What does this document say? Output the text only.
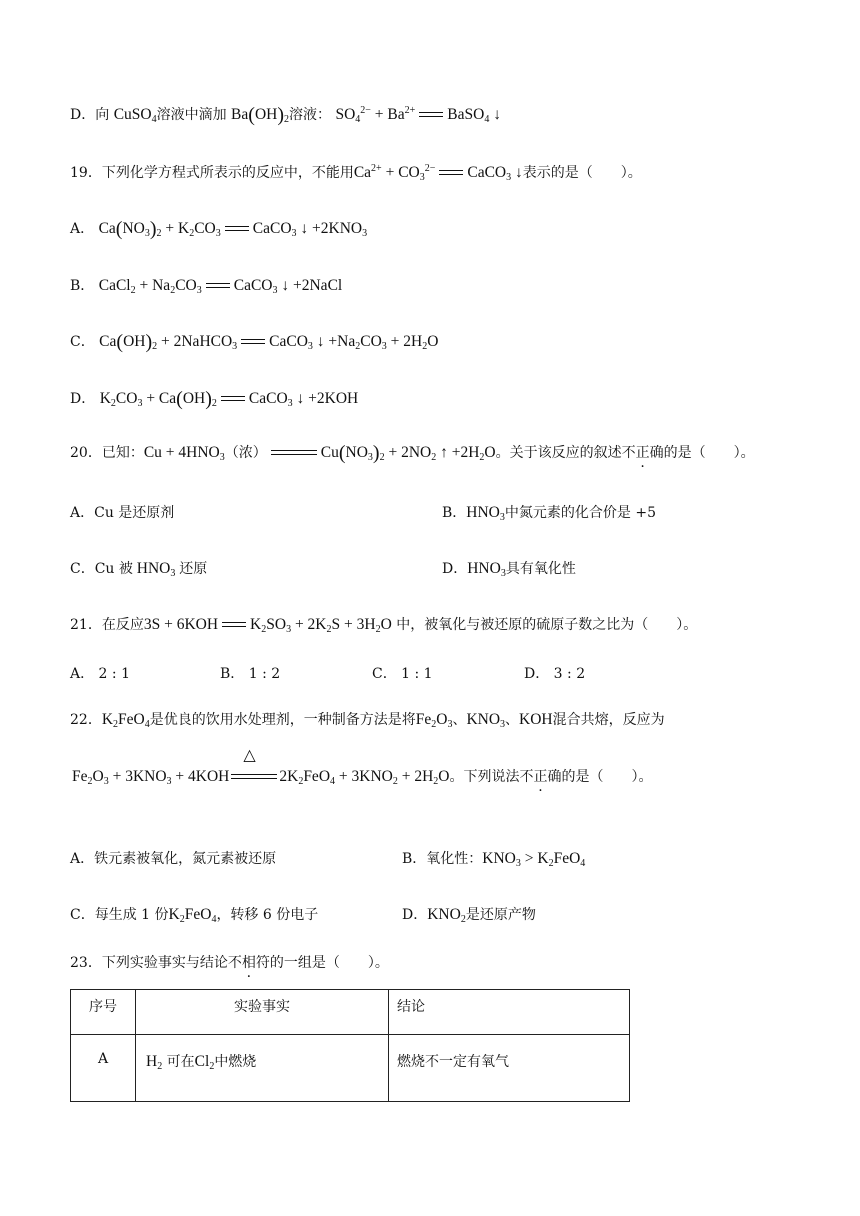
D．向 CuSO$_4$溶液中滴加 $Ba(OH)_2$溶液： $SO_4^{2-} + Ba^{2+}$ BaSO$_4$ ↓
19．下列化学方程式所表示的反应中，不能用$Ca^{2+} + CO_3^{2-}$ CaCO$_3$ ↓表示的是（　　）。
A． $Ca(NO_3)_2 + K_2CO_3$ CaCO$_3$ ↓ $+2KNO_3$
B． CaCl$_2$ + $Na_2CO_3$ CaCO$_3$ ↓ +2NaCl
C． $Ca(OH)_2$ + 2NaHCO$_3$ CaCO$_3$ ↓ $+Na_2CO_3 + 2H_2O$
D． $K_2CO_3 + Ca(OH)_2$ CaCO$_3$ ↓ +2KOH
20．已知：$Cu + 4HNO_3$（浓）	$Cu(NO_3)_2 + 2NO_2$ ↑ $+2H_2O$。关于该反应的叙述不正确的是（　　）。
A．Cu 是还原剂	B．$HNO_3$中氮元素的化合价是 +5
C．Cu 被 $HNO_3$ 还原	D．$HNO_3$具有氧化性
21．在反应3S + 6KOH $K_2SO_3 + 2K_2S + 3H_2O$ 中，被氧化与被还原的硫原子数之比为（　　）。
A． 2 : 1	B． 1 : 2	C． 1 : 1	D． 3 : 2
22．$K_2FeO_4$是优良的饮用水处理剂，一种制备方法是将$Fe_2O_3$、$KNO_3$、KOH混合共熔，反应为
$Fe_2O_3 + 3KNO_3 + 4KOH$
△
$2K_2FeO_4 + 3KNO_2 + 2H_2O$。下列说法不正确的是（　　）。
A．铁元素被氧化，氮元素被还原	B．氧化性：$KNO_3 > K_2FeO_4$
C．每生成 1 份$K_2FeO_4$，转移 6 份电子	D．$KNO_2$是还原产物
23．下列实验事实与结论不相符的一组是（　　）。
序号	实验事实	结论
A	$H_2$ 可在$Cl_2$中燃烧	燃烧不一定有氧气
